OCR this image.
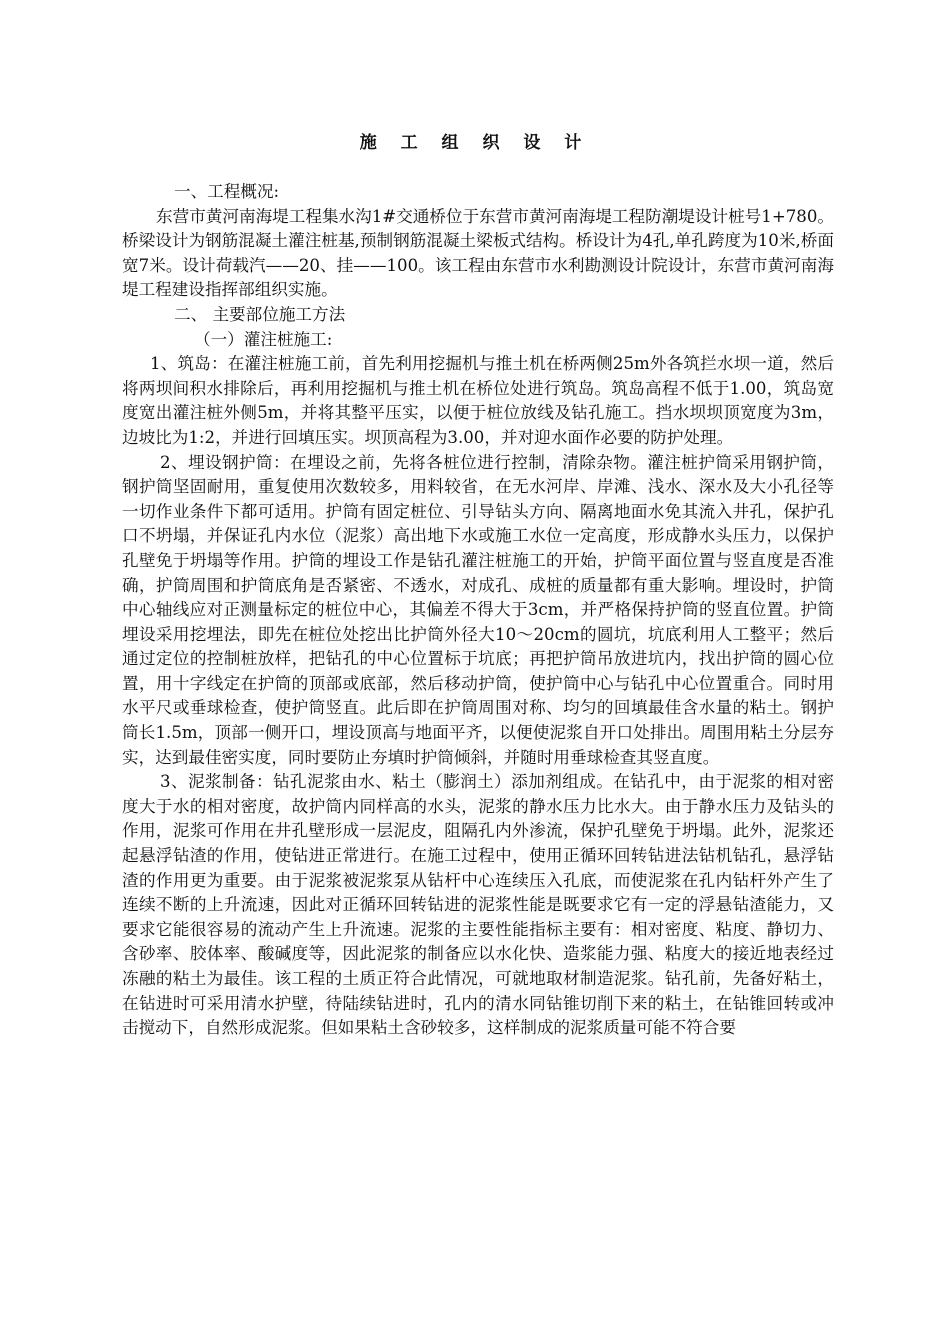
施 工 组 织 设 计

一、工程概况:

东营市黄河南海堤工程集水沟1#交通桥位于东营市黄河南海堤工程防潮堤设计桩号1+780。桥梁设计为钢筋混凝土灌注桩基,预制钢筋混凝土梁板式结构。桥设计为4孔,单孔跨度为10米,桥面宽7米。设计荷载汽——20、挂——100。该工程由东营市水利勘测设计院设计，东营市黄河南海堤工程建设指挥部组织实施。

二、 主要部位施工方法

（一）灌注桩施工:

1、筑岛：在灌注桩施工前，首先利用挖掘机与推土机在桥两侧25m外各筑拦水坝一道，然后将两坝间积水排除后，再利用挖掘机与推土机在桥位处进行筑岛。筑岛高程不低于1.00，筑岛宽度宽出灌注桩外侧5m，并将其整平压实，以便于桩位放线及钻孔施工。挡水坝坝顶宽度为3m，边坡比为1:2，并进行回填压实。坝顶高程为3.00，并对迎水面作必要的防护处理。

2、埋设钢护筒：在埋设之前，先将各桩位进行控制，清除杂物。灌注桩护筒采用钢护筒，钢护筒坚固耐用，重复使用次数较多，用料较省，在无水河岸、岸滩、浅水、深水及大小孔径等一切作业条件下都可适用。护筒有固定桩位、引导钻头方向、隔离地面水免其流入井孔，保护孔口不坍塌，并保证孔内水位（泥浆）高出地下水或施工水位一定高度，形成静水头压力，以保护孔壁免于坍塌等作用。护筒的埋设工作是钻孔灌注桩施工的开始，护筒平面位置与竖直度是否准确，护筒周围和护筒底角是否紧密、不透水，对成孔、成桩的质量都有重大影响。埋设时，护筒中心轴线应对正测量标定的桩位中心，其偏差不得大于3cm，并严格保持护筒的竖直位置。护筒埋设采用挖埋法，即先在桩位处挖出比护筒外径大10～20cm的圆坑，坑底利用人工整平；然后通过定位的控制桩放样，把钻孔的中心位置标于坑底；再把护筒吊放进坑内，找出护筒的圆心位置，用十字线定在护筒的顶部或底部，然后移动护筒，使护筒中心与钻孔中心位置重合。同时用水平尺或垂球检查，使护筒竖直。此后即在护筒周围对称、均匀的回填最佳含水量的粘土。钢护筒长1.5m，顶部一侧开口，埋设顶高与地面平齐，以便使泥浆自开口处排出。周围用粘土分层夯实，达到最佳密实度，同时要防止夯填时护筒倾斜，并随时用垂球检查其竖直度。

3、泥浆制备：钻孔泥浆由水、粘土（膨润土）添加剂组成。在钻孔中，由于泥浆的相对密度大于水的相对密度，故护筒内同样高的水头，泥浆的静水压力比水大。由于静水压力及钻头的作用，泥浆可作用在井孔壁形成一层泥皮，阻隔孔内外渗流，保护孔壁免于坍塌。此外，泥浆还起悬浮钻渣的作用，使钻进正常进行。在施工过程中，使用正循环回转钻进法钻机钻孔，悬浮钻渣的作用更为重要。由于泥浆被泥浆泵从钻杆中心连续压入孔底，而使泥浆在孔内钻杆外产生了连续不断的上升流速，因此对正循环回转钻进的泥浆性能是既要求它有一定的浮悬钻渣能力，又要求它能很容易的流动产生上升流速。泥浆的主要性能指标主要有：相对密度、粘度、静切力、含砂率、胶体率、酸碱度等，因此泥浆的制备应以水化快、造浆能力强、粘度大的接近地表经过冻融的粘土为最佳。该工程的土质正符合此情况，可就地取材制造泥浆。钻孔前，先备好粘土，在钻进时可采用清水护壁，待陆续钻进时，孔内的清水同钻锥切削下来的粘土，在钻锥回转或冲击搅动下，自然形成泥浆。但如果粘土含砂较多，这样制成的泥浆质量可能不符合要
